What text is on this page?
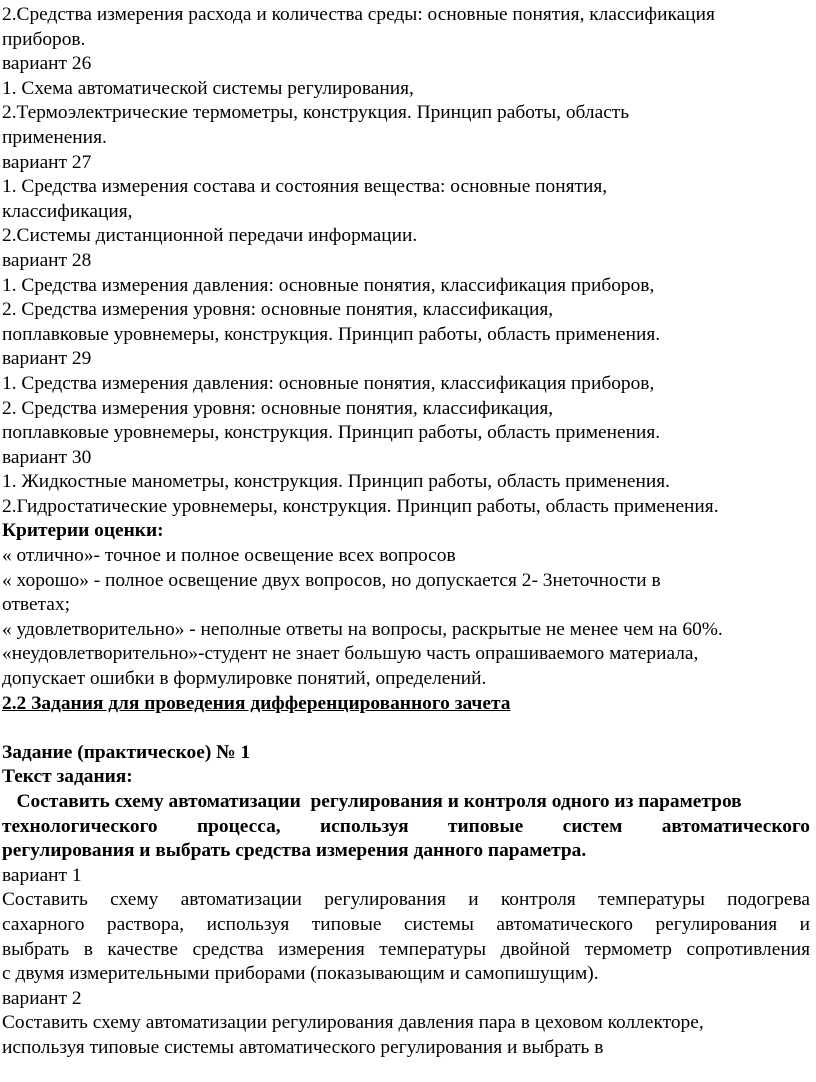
2.Средства измерения расхода и количества среды: основные понятия, классификация
приборов.
вариант 26
1. Схема автоматической системы регулирования,
2.Термоэлектрические термометры, конструкция. Принцип работы, область
применения.
вариант 27
1. Средства измерения состава и состояния вещества: основные понятия,
классификация,
2.Системы дистанционной передачи информации.
вариант 28
1. Средства измерения давления: основные понятия, классификация приборов,
2. Средства измерения уровня: основные понятия, классификация,
поплавковые уровнемеры, конструкция. Принцип работы, область применения.
вариант 29
1. Средства измерения давления: основные понятия, классификация приборов,
2. Средства измерения уровня: основные понятия, классификация,
поплавковые уровнемеры, конструкция. Принцип работы, область применения.
вариант 30
1. Жидкостные манометры, конструкция. Принцип работы, область применения.
2.Гидростатические уровнемеры, конструкция. Принцип работы, область применения.
Критерии оценки:
« отлично»- точное и полное освещение всех вопросов
« хорошо» - полное освещение двух вопросов, но допускается 2- 3неточности в
ответах;
« удовлетворительно» - неполные ответы на вопросы, раскрытые не менее чем на 60%.
«неудовлетворительно»-студент не знает большую часть опрашиваемого материала,
допускает ошибки в формулировке понятий, определений.
2.2 Задания для проведения дифференцированного зачета
Задание (практическое) № 1
Текст задания:
Составить схему автоматизации  регулирования и контроля одного из параметров
технологического процесса, используя типовые систем автоматического
регулирования и выбрать средства измерения данного параметра.
вариант 1
Составить схему автоматизации регулирования и контроля температуры подогрева
сахарного раствора, используя типовые системы автоматического регулирования и
выбрать в качестве средства измерения температуры двойной термометр сопротивления
с двумя измерительными приборами (показывающим и самопишущим).
вариант 2
Составить схему автоматизации регулирования давления пара в цеховом коллекторе,
используя типовые системы автоматического регулирования и выбрать в
